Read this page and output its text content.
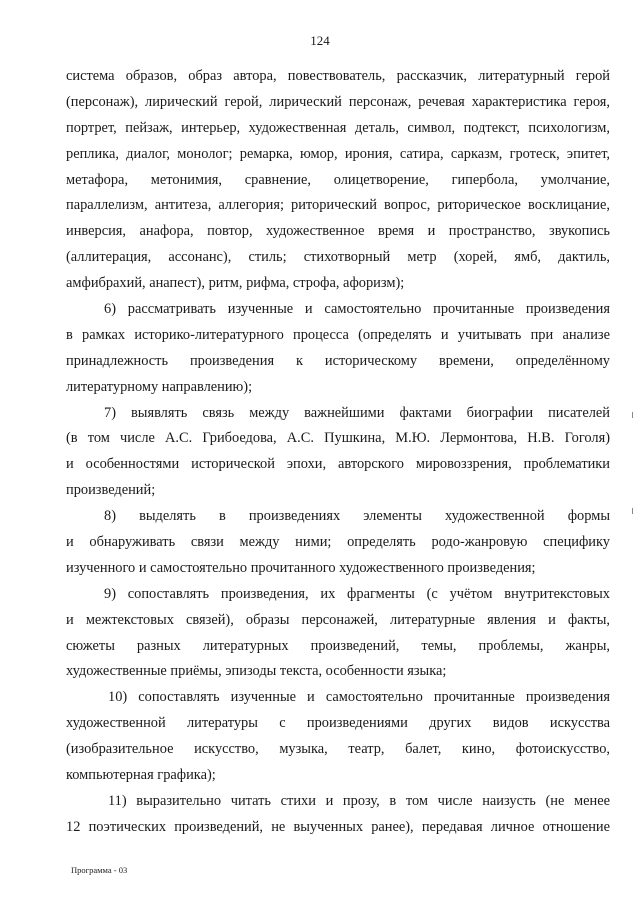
124
система образов, образ автора, повествователь, рассказчик, литературный герой
(персонаж), лирический герой, лирический персонаж, речевая характеристика героя,
портрет, пейзаж, интерьер, художественная деталь, символ, подтекст, психологизм,
реплика, диалог, монолог; ремарка, юмор, ирония, сатира, сарказм, гротеск, эпитет,
метафора, метонимия, сравнение, олицетворение, гипербола, умолчание,
параллелизм, антитеза, аллегория; риторический вопрос, риторическое восклицание,
инверсия, анафора, повтор, художественное время и пространство, звукопись
(аллитерация, ассонанс), стиль; стихотворный метр (хорей, ямб, дактиль,
амфибрахий, анапест), ритм, рифма, строфа, афоризм);
6) рассматривать изученные и самостоятельно прочитанные произведения
в рамках историко-литературного процесса (определять и учитывать при анализе
принадлежность произведения к историческому времени, определённому
литературному направлению);
7) выявлять связь между важнейшими фактами биографии писателей
(в том числе А.С. Грибоедова, А.С. Пушкина, М.Ю. Лермонтова, Н.В. Гоголя)
и особенностями исторической эпохи, авторского мировоззрения, проблематики
произведений;
8) выделять в произведениях элементы художественной формы
и обнаруживать связи между ними; определять родо-жанровую специфику
изученного и самостоятельно прочитанного художественного произведения;
9) сопоставлять произведения, их фрагменты (с учётом внутритекстовых
и межтекстовых связей), образы персонажей, литературные явления и факты,
сюжеты разных литературных произведений, темы, проблемы, жанры,
художественные приёмы, эпизоды текста, особенности языка;
10) сопоставлять изученные и самостоятельно прочитанные произведения
художественной литературы с произведениями других видов искусства
(изобразительное искусство, музыка, театр, балет, кино, фотоискусство,
компьютерная графика);
11) выразительно читать стихи и прозу, в том числе наизусть (не менее
12 поэтических произведений, не выученных ранее), передавая личное отношение
Программа - 03
